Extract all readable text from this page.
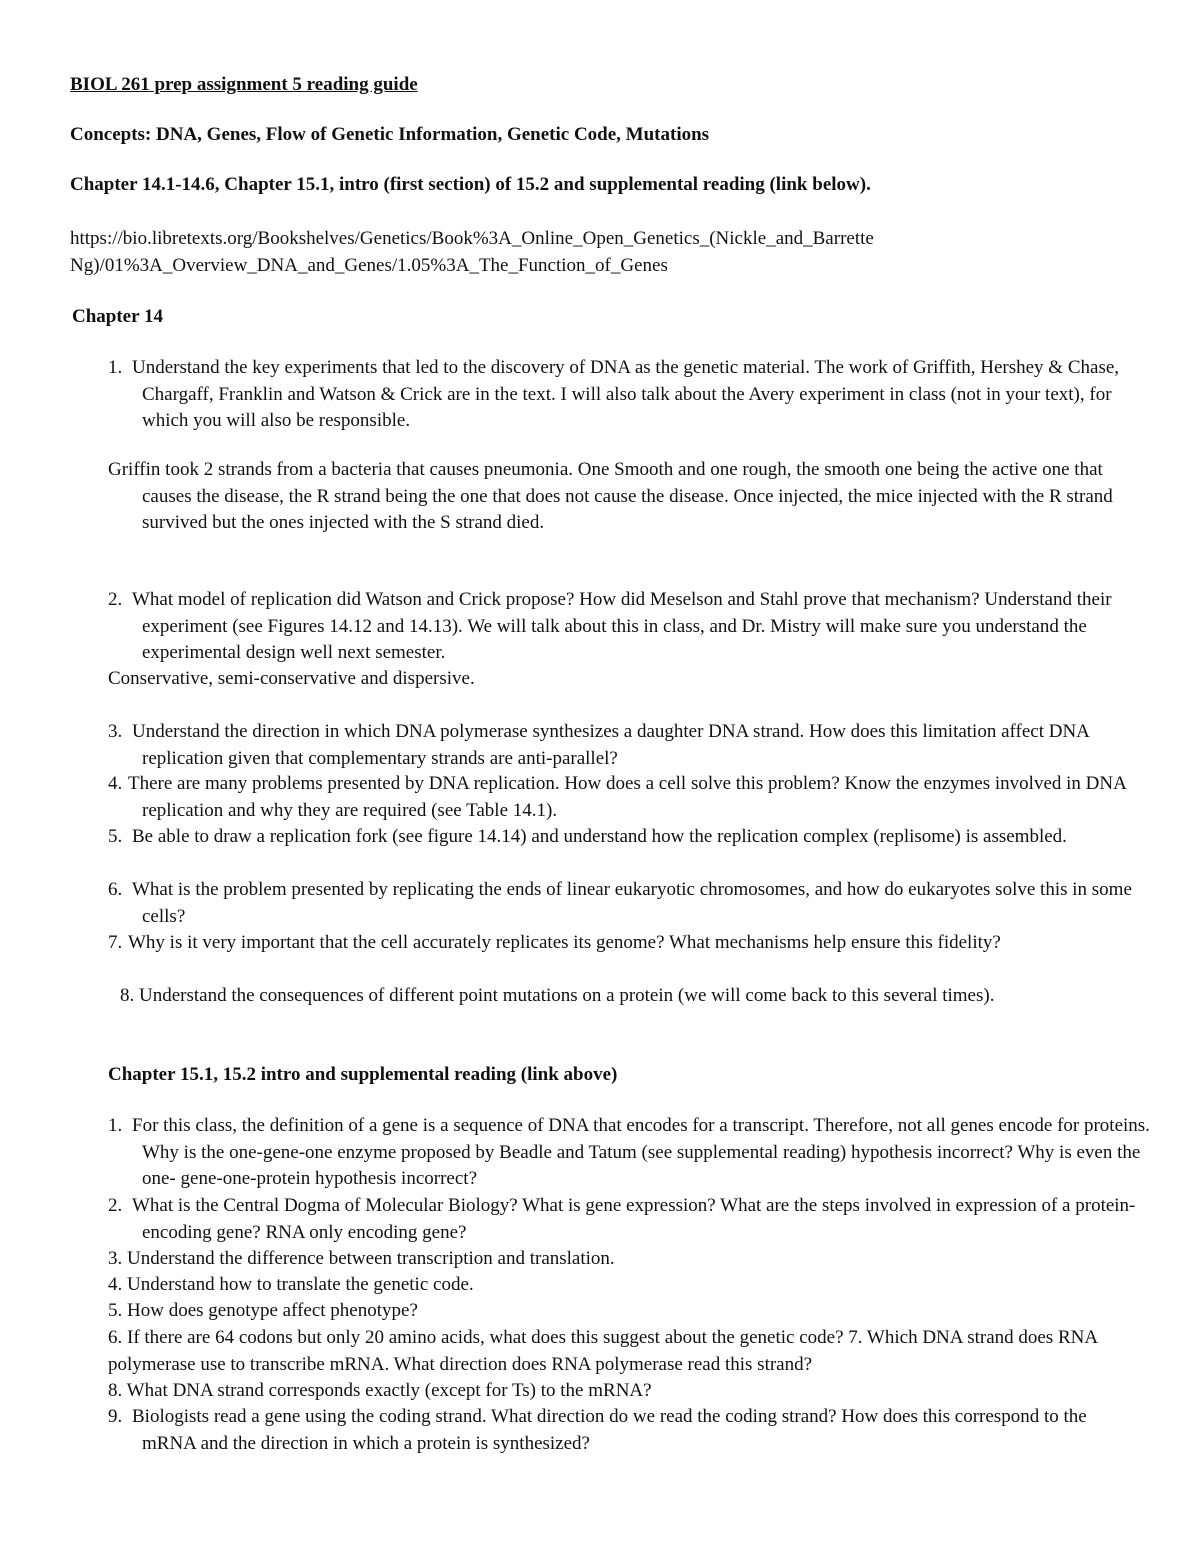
BIOL 261 prep assignment 5 reading guide

Concepts: DNA, Genes, Flow of Genetic Information, Genetic Code, Mutations

Chapter 14.1-14.6, Chapter 15.1, intro (first section) of 15.2 and supplemental reading (link below).

https://bio.libretexts.org/Bookshelves/Genetics/Book%3A_Online_Open_Genetics_(Nickle_and_Barrette

Ng)/01%3A_Overview_DNA_and_Genes/1.05%3A_The_Function_of_Genes

Chapter 14

1. Understand the key experiments that led to the discovery of DNA as the genetic material. The work of Griffith, Hershey & Chase, Chargaff, Franklin and Watson & Crick are in the text. I will also talk about the Avery experiment in class (not in your text), for which you will also be responsible.

Griffin took 2 strands from a bacteria that causes pneumonia. One Smooth and one rough, the smooth one being the active one that causes the disease, the R strand being the one that does not cause the disease. Once injected, the mice injected with the R strand survived but the ones injected with the S strand died.

2. What model of replication did Watson and Crick propose? How did Meselson and Stahl prove that mechanism? Understand their experiment (see Figures 14.12 and 14.13). We will talk about this in class, and Dr. Mistry will make sure you understand the experimental design well next semester.

Conservative, semi-conservative and dispersive.

3. Understand the direction in which DNA polymerase synthesizes a daughter DNA strand. How does this limitation affect DNA replication given that complementary strands are anti-parallel?

4. There are many problems presented by DNA replication. How does a cell solve this problem? Know the enzymes involved in DNA replication and why they are required (see Table 14.1).

5. Be able to draw a replication fork (see figure 14.14) and understand how the replication complex (replisome) is assembled.

6. What is the problem presented by replicating the ends of linear eukaryotic chromosomes, and how do eukaryotes solve this in some cells?

7. Why is it very important that the cell accurately replicates its genome? What mechanisms help ensure this fidelity?

8. Understand the consequences of different point mutations on a protein (we will come back to this several times).

Chapter 15.1, 15.2 intro and supplemental reading (link above)

1. For this class, the definition of a gene is a sequence of DNA that encodes for a transcript. Therefore, not all genes encode for proteins. Why is the one-gene-one enzyme proposed by Beadle and Tatum (see supplemental reading) hypothesis incorrect? Why is even the one- gene-one-protein hypothesis incorrect?

2. What is the Central Dogma of Molecular Biology? What is gene expression? What are the steps involved in expression of a protein-encoding gene? RNA only encoding gene?

3. Understand the difference between transcription and translation.

4. Understand how to translate the genetic code.

5. How does genotype affect phenotype?

6. If there are 64 codons but only 20 amino acids, what does this suggest about the genetic code? 7. Which DNA strand does RNA polymerase use to transcribe mRNA. What direction does RNA polymerase read this strand?

8. What DNA strand corresponds exactly (except for Ts) to the mRNA?

9. Biologists read a gene using the coding strand. What direction do we read the coding strand? How does this correspond to the mRNA and the direction in which a protein is synthesized?
